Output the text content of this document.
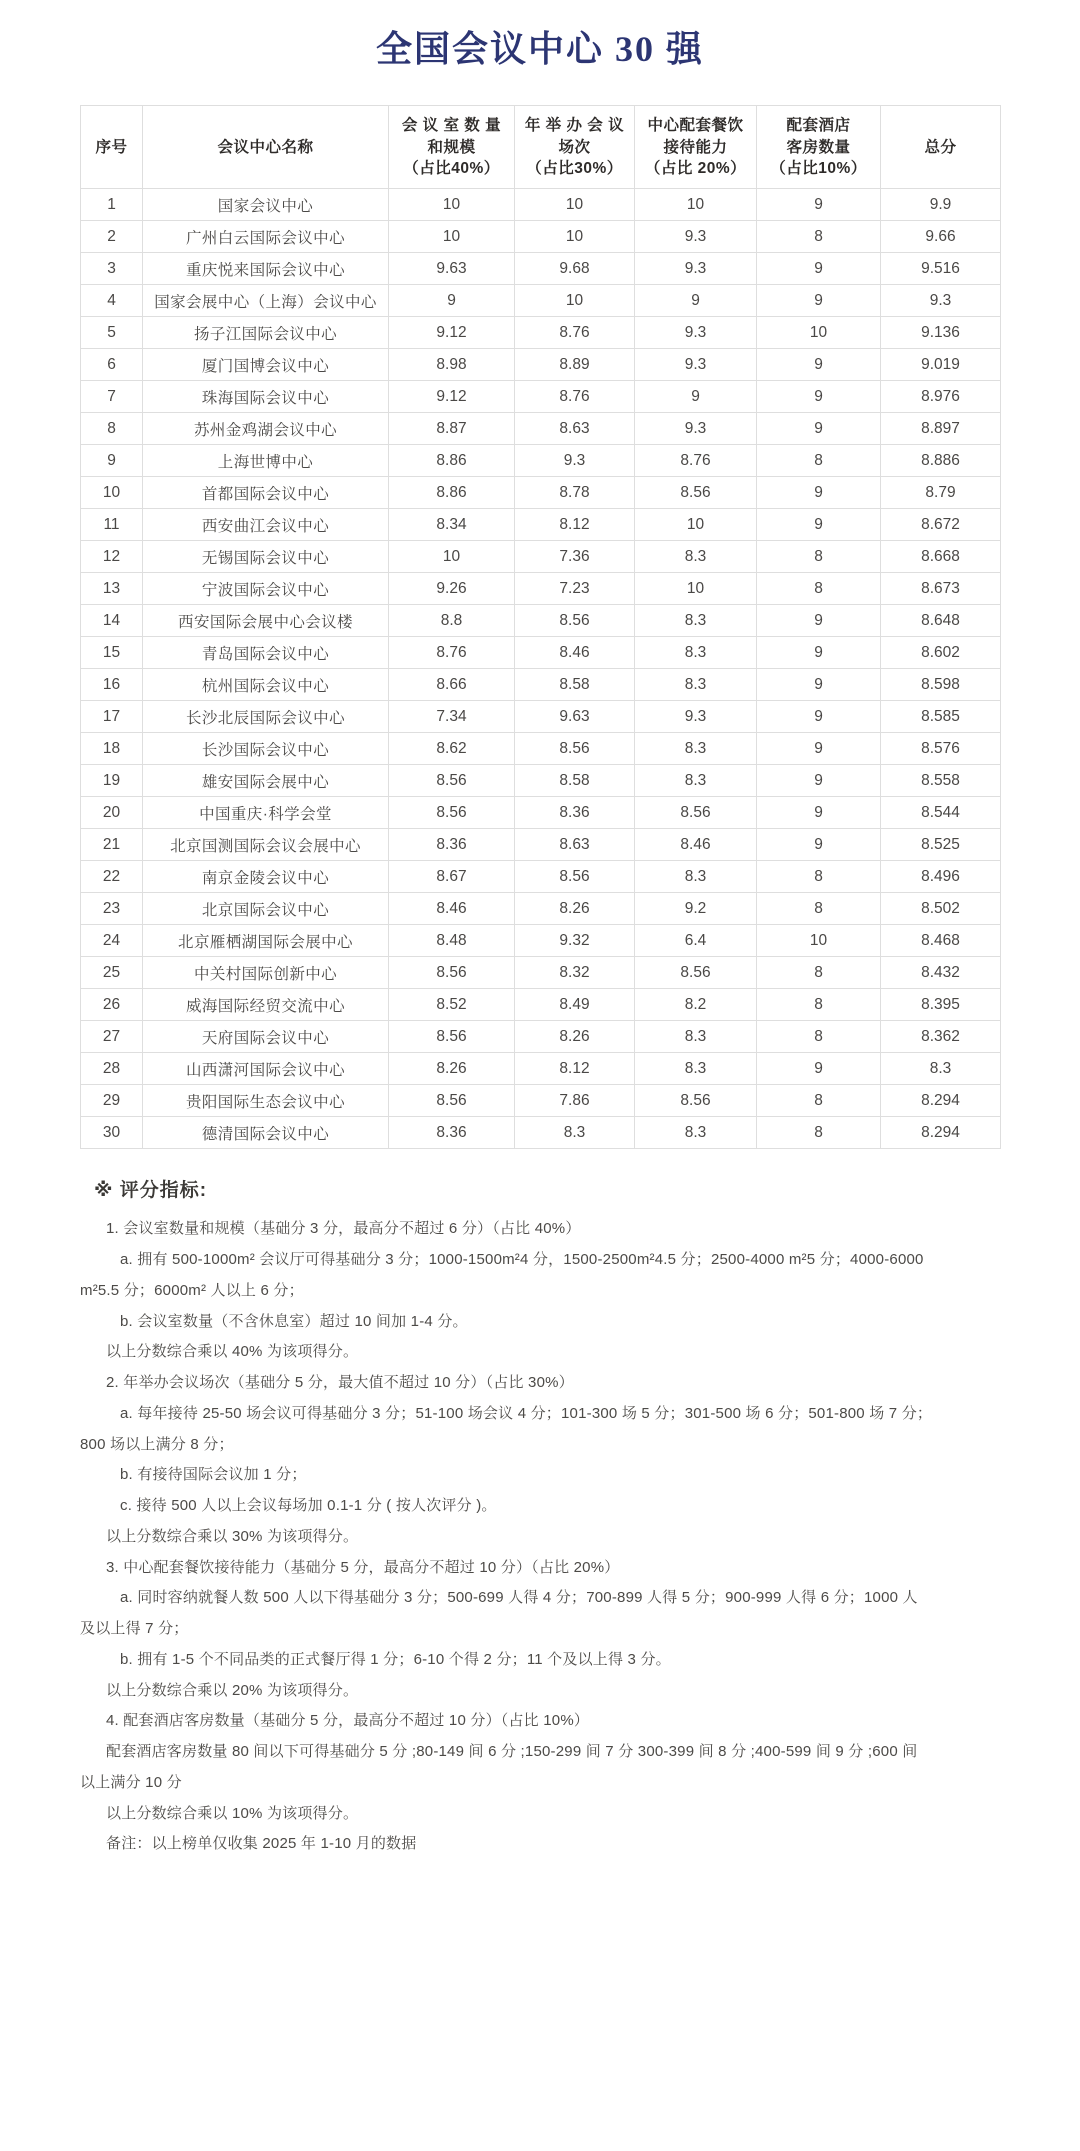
全国会议中心 30 强
序号	会议中心名称	会 议 室 数 量
和规模
（占比40%）	年 举 办 会 议
场次
（占比30%）	中心配套餐饮
接待能力
（占比 20%）	配套酒店
客房数量
（占比10%）	总分

1	国家会议中心	10	10	10	9	9.9
2	广州白云国际会议中心	10	10	9.3	8	9.66
3	重庆悦来国际会议中心	9.63	9.68	9.3	9	9.516
4	国家会展中心（上海）会议中心	9	10	9	9	9.3
5	扬子江国际会议中心	9.12	8.76	9.3	10	9.136
6	厦门国博会议中心	8.98	8.89	9.3	9	9.019
7	珠海国际会议中心	9.12	8.76	9	9	8.976
8	苏州金鸡湖会议中心	8.87	8.63	9.3	9	8.897
9	上海世博中心	8.86	9.3	8.76	8	8.886
10	首都国际会议中心	8.86	8.78	8.56	9	8.79
11	西安曲江会议中心	8.34	8.12	10	9	8.672
12	无锡国际会议中心	10	7.36	8.3	8	8.668
13	宁波国际会议中心	9.26	7.23	10	8	8.673
14	西安国际会展中心会议楼	8.8	8.56	8.3	9	8.648
15	青岛国际会议中心	8.76	8.46	8.3	9	8.602
16	杭州国际会议中心	8.66	8.58	8.3	9	8.598
17	长沙北辰国际会议中心	7.34	9.63	9.3	9	8.585
18	长沙国际会议中心	8.62	8.56	8.3	9	8.576
19	雄安国际会展中心	8.56	8.58	8.3	9	8.558
20	中国重庆·科学会堂	8.56	8.36	8.56	9	8.544
21	北京国测国际会议会展中心	8.36	8.63	8.46	9	8.525
22	南京金陵会议中心	8.67	8.56	8.3	8	8.496
23	北京国际会议中心	8.46	8.26	9.2	8	8.502
24	北京雁栖湖国际会展中心	8.48	9.32	6.4	10	8.468
25	中关村国际创新中心	8.56	8.32	8.56	8	8.432
26	威海国际经贸交流中心	8.52	8.49	8.2	8	8.395
27	天府国际会议中心	8.56	8.26	8.3	8	8.362
28	山西潇河国际会议中心	8.26	8.12	8.3	9	8.3
29	贵阳国际生态会议中心	8.56	7.86	8.56	8	8.294
30	德清国际会议中心	8.36	8.3	8.3	8	8.294
※ 评分指标:

1. 会议室数量和规模（基础分 3 分，最高分不超过 6 分）（占比 40%）

a. 拥有 500-1000m² 会议厅可得基础分 3 分；1000-1500m²4 分，1500-2500m²4.5 分；2500-4000 m²5 分；4000-6000

m²5.5 分；6000m² 人以上 6 分；

b. 会议室数量（不含休息室）超过 10 间加 1-4 分。

以上分数综合乘以 40% 为该项得分。

2. 年举办会议场次（基础分 5 分，最大值不超过 10 分）（占比 30%）

a. 每年接待 25-50 场会议可得基础分 3 分；51-100 场会议 4 分；101-300 场 5 分；301-500 场 6 分；501-800 场 7 分；

800 场以上满分 8 分；

b. 有接待国际会议加 1 分；

c. 接待 500 人以上会议每场加 0.1-1 分 ( 按人次评分 )。

以上分数综合乘以 30% 为该项得分。

3. 中心配套餐饮接待能力（基础分 5 分，最高分不超过 10 分）（占比 20%）

a. 同时容纳就餐人数 500 人以下得基础分 3 分；500-699 人得 4 分；700-899 人得 5 分；900-999 人得 6 分；1000 人

及以上得 7 分；

b. 拥有 1-5 个不同品类的正式餐厅得 1 分；6-10 个得 2 分；11 个及以上得 3 分。

以上分数综合乘以 20% 为该项得分。

4. 配套酒店客房数量（基础分 5 分，最高分不超过 10 分）（占比 10%）

配套酒店客房数量 80 间以下可得基础分 5 分 ;80-149 间 6 分 ;150-299 间 7 分 300-399 间 8 分 ;400-599 间 9 分 ;600 间

以上满分 10 分

以上分数综合乘以 10% 为该项得分。

备注：以上榜单仅收集 2025 年 1-10 月的数据
